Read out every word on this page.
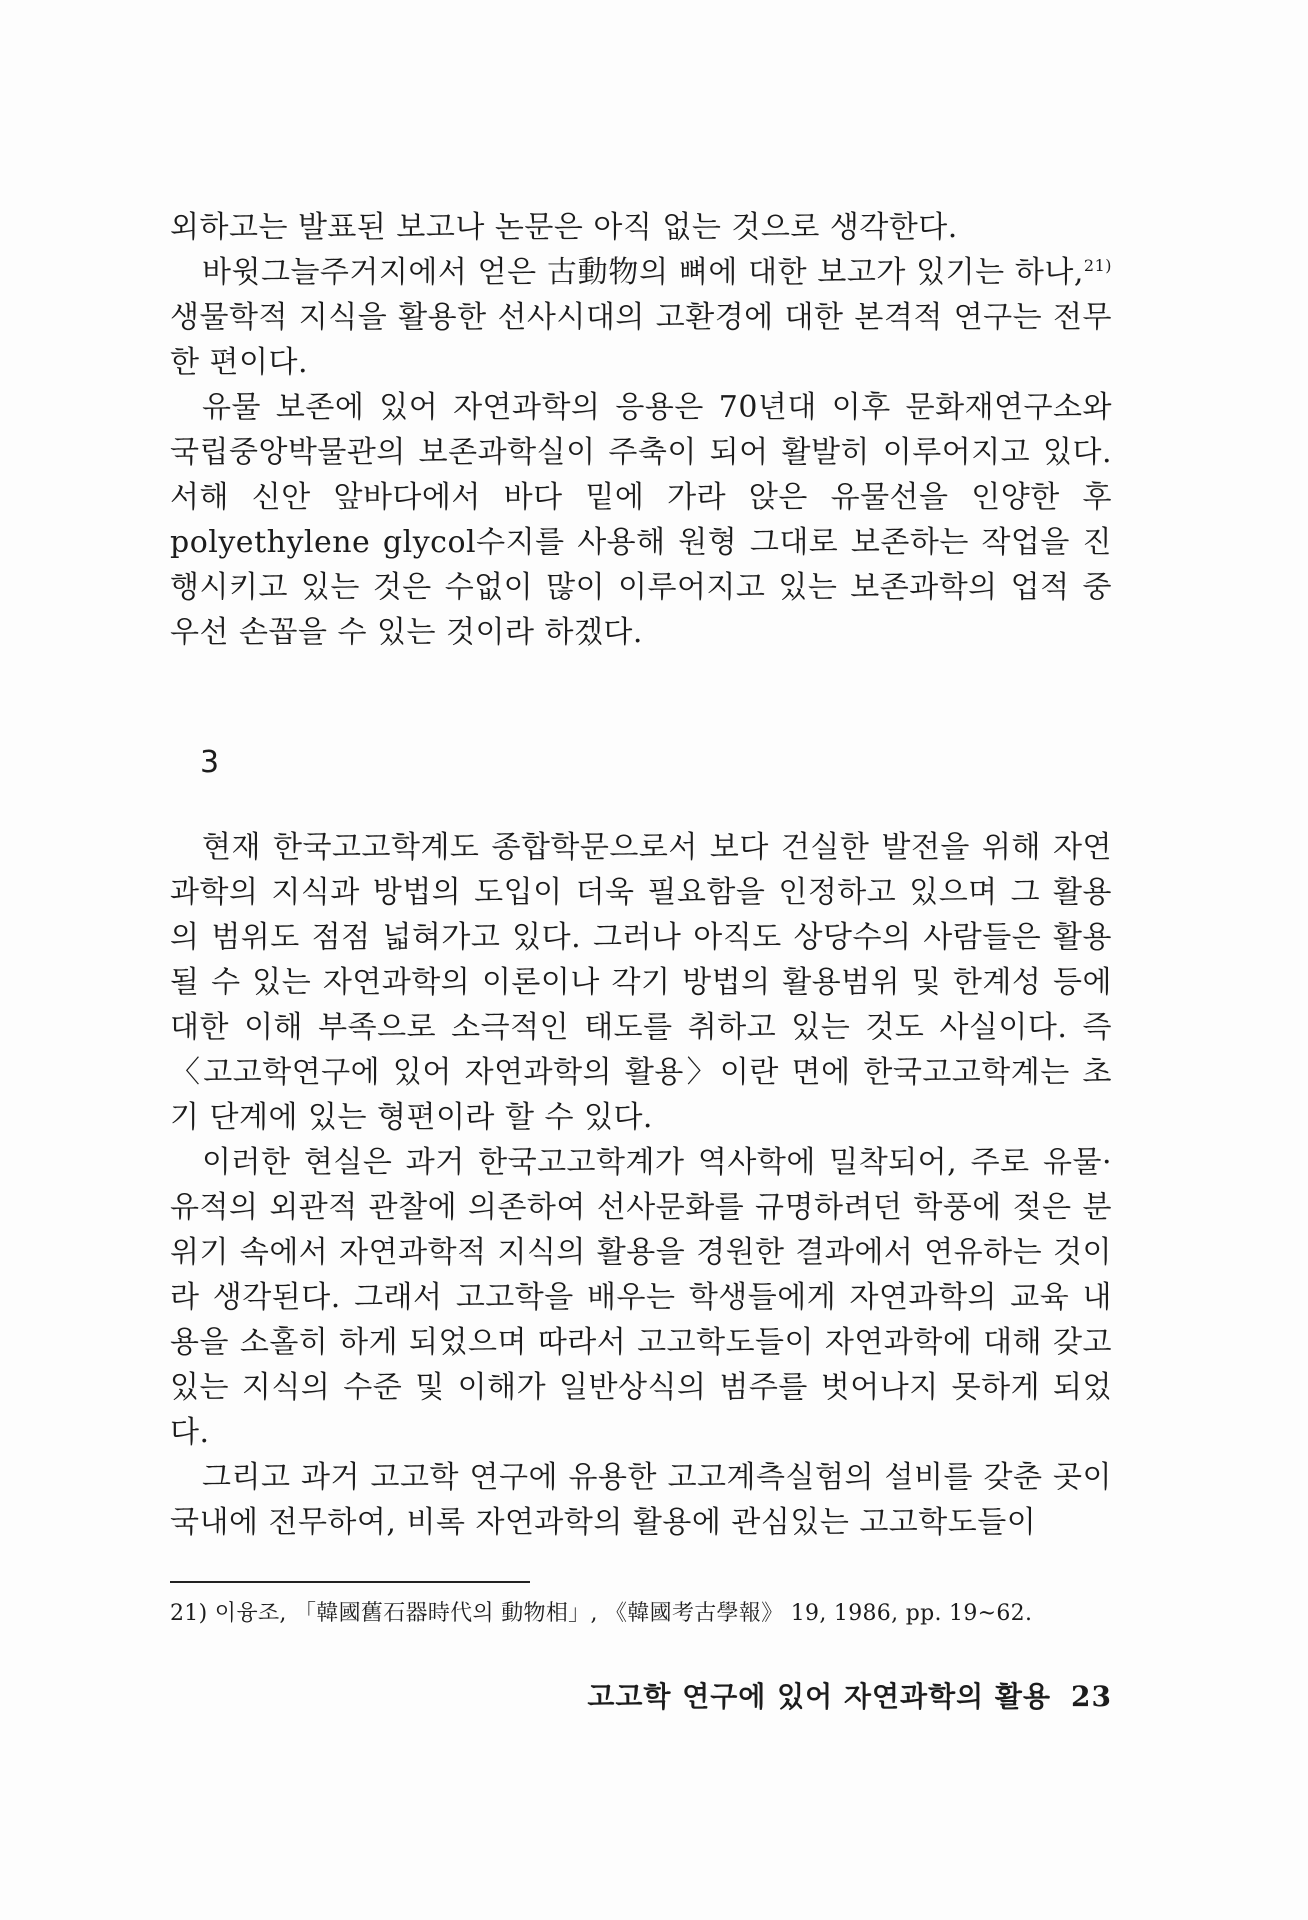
외하고는 발표된 보고나 논문은 아직 없는 것으로 생각한다.

바윗그늘주거지에서 얻은 古動物의 뼈에 대한 보고가 있기는 하나,$^{21)}$ 생물학적 지식을 활용한 선사시대의 고환경에 대한 본격적 연구는 전무한 편이다.

유물 보존에 있어 자연과학의 응용은 70년대 이후 문화재연구소와 국립중앙박물관의 보존과학실이 주축이 되어 활발히 이루어지고 있다. 서해 신안 앞바다에서 바다 밑에 가라 앉은 유물선을 인양한 후 polyethylene glycol수지를 사용해 원형 그대로 보존하는 작업을 진행시키고 있는 것은 수없이 많이 이루어지고 있는 보존과학의 업적 중 우선 손꼽을 수 있는 것이라 하겠다.

3

현재 한국고고학계도 종합학문으로서 보다 건실한 발전을 위해 자연과학의 지식과 방법의 도입이 더욱 필요함을 인정하고 있으며 그 활용의 범위도 점점 넓혀가고 있다. 그러나 아직도 상당수의 사람들은 활용될 수 있는 자연과학의 이론이나 각기 방법의 활용범위 및 한계성 등에 대한 이해 부족으로 소극적인 태도를 취하고 있는 것도 사실이다. 즉 〈고고학연구에 있어 자연과학의 활용〉이란 면에 한국고고학계는 초기 단계에 있는 형편이라 할 수 있다.

이러한 현실은 과거 한국고고학계가 역사학에 밀착되어, 주로 유물·유적의 외관적 관찰에 의존하여 선사문화를 규명하려던 학풍에 젖은 분위기 속에서 자연과학적 지식의 활용을 경원한 결과에서 연유하는 것이라 생각된다. 그래서 고고학을 배우는 학생들에게 자연과학의 교육 내용을 소홀히 하게 되었으며 따라서 고고학도들이 자연과학에 대해 갖고 있는 지식의 수준 및 이해가 일반상식의 범주를 벗어나지 못하게 되었다.

그리고 과거 고고학 연구에 유용한 고고계측실험의 설비를 갖춘 곳이 국내에 전무하여, 비록 자연과학의 활용에 관심있는 고고학도들이

21) 이융조, 「韓國舊石器時代의 動物相」, 《韓國考古學報》 19, 1986, pp. 19~62.
고고학 연구에 있어 자연과학의 활용 23
